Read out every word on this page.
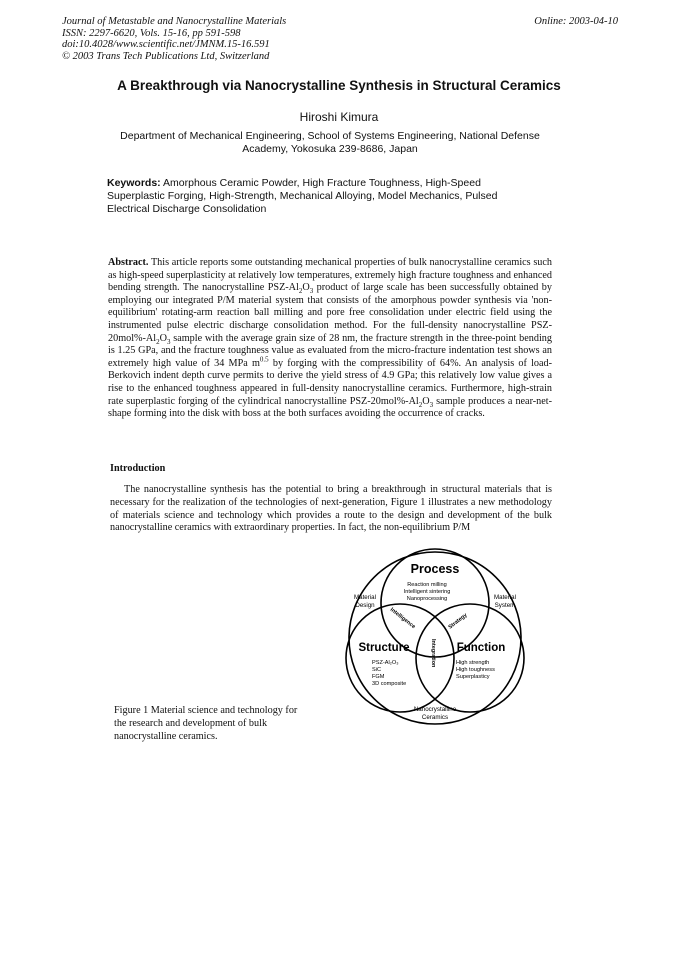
Journal of Metastable and Nanocrystalline Materials
ISSN: 2297-6620, Vols. 15-16, pp 591-598
doi:10.4028/www.scientific.net/JMNM.15-16.591
© 2003 Trans Tech Publications Ltd, Switzerland
Online: 2003-04-10
A Breakthrough via Nanocrystalline Synthesis in Structural Ceramics
Hiroshi Kimura
Department of Mechanical Engineering, School of Systems Engineering, National Defense Academy, Yokosuka 239-8686, Japan
Keywords: Amorphous Ceramic Powder, High Fracture Toughness, High-Speed Superplastic Forging, High-Strength, Mechanical Alloying, Model Mechanics, Pulsed Electrical Discharge Consolidation
Abstract. This article reports some outstanding mechanical properties of bulk nanocrystalline ceramics such as high-speed superplasticity at relatively low temperatures, extremely high fracture toughness and enhanced bending strength. The nanocrystalline PSZ-$Al_2O_3$ product of large scale has been successfully obtained by employing our integrated P/M material system that consists of the amorphous powder synthesis via 'non-equilibrium' rotating-arm reaction ball milling and pore free consolidation under electric field using the instrumented pulse electric discharge consolidation method. For the full-density nanocrystalline PSZ-$20mol\%-Al_2O_3$ sample with the average grain size of 28 nm, the fracture strength in the three-point bending is 1.25 GPa, and the fracture toughness value as evaluated from the micro-fracture indentation test shows an extremely high value of 34 MPa $m^{0.5}$ by forging with the compressibility of 64%. An analysis of load-Berkovich indent depth curve permits to derive the yield stress of 4.9 GPa; this relatively low value gives a rise to the enhanced toughness appeared in full-density nanocrystalline ceramics. Furthermore, high-strain rate superplastic forging of the cylindrical nanocrystalline PSZ-$20mol\%-Al_2O_3$ sample produces a near-net-shape forming into the disk with boss at the both surfaces avoiding the occurrence of cracks.
Introduction
The nanocrystalline synthesis has the potential to bring a breakthrough in structural materials that is necessary for the realization of the technologies of next-generation, Figure 1 illustrates a new methodology of materials science and technology which provides a route to the design and development of the bulk nanocrystalline ceramics with extraordinary properties. In fact, the non-equilibrium P/M
Figure 1 Material science and technology for the research and development of bulk nanocrystalline ceramics.
Process
Reaction milling
Intelligent sintering
Nanoprocessing
Material
Design
Material
System
Intelligence	Strategy
Integration
Structure
PSZ-Al₂O₃
SiC
FGM
3D composite
Function
High strength
High toughness
Superplasticy
Nanocrystalline
Ceramics
